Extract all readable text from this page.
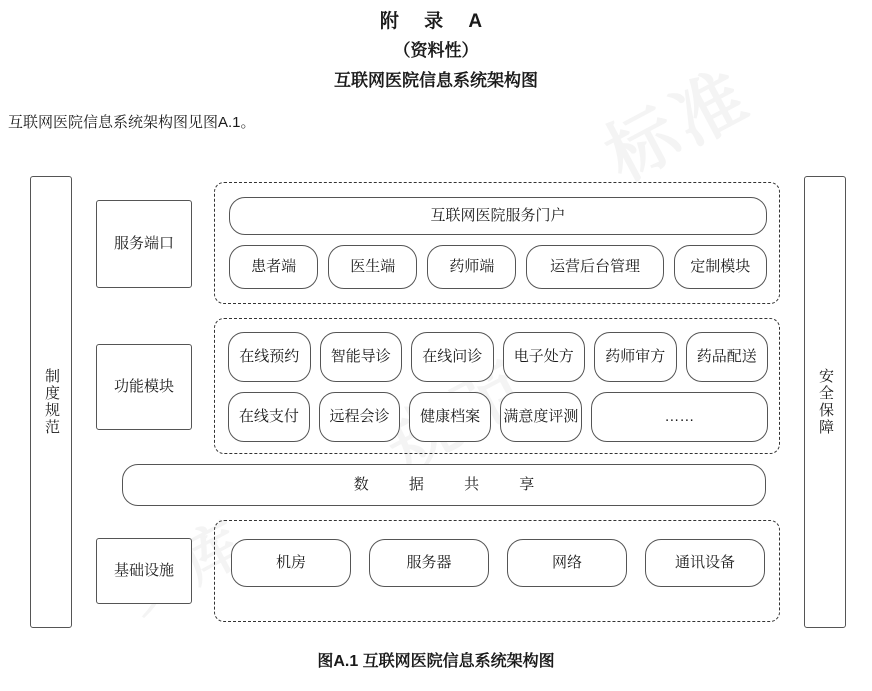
附 录 A
（资料性）
互联网医院信息系统架构图
互联网医院信息系统架构图见图A.1。
制度规范	安全保障
服务端口
互联网医院服务门户
患者端	医生端	药师端	运营后台管理	定制模块
功能模块
在线预约	智能导诊	在线问诊	电子处方	药师审方	药品配送
在线支付	远程会诊	健康档案	满意度评测	……
数 据 共 享
基础设施	机房	服务器	网络	通讯设备
图A.1 互联网医院信息系统架构图
